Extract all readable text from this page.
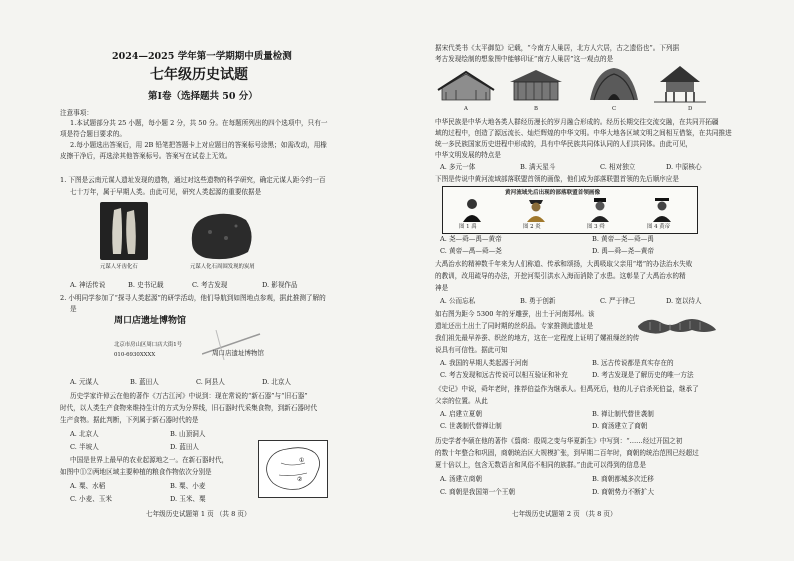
2024—2025 学年第一学期期中质量检测
七年级历史试题
第Ⅰ卷（选择题共 50 分）
注意事项：
1.本试题部分共 25 小题，每小题 2 分，共 50 分。在每题所列出的四个选项中，只有一
项是符合题目要求的。
2.每小题选出答案后，用 2B 铅笔把答题卡上对应题目的答案标号涂黑；如需改动，用橡
皮擦干净后，再选涂其他答案标号。答案写在试卷上无效。
1. 下图是云南元谋人遗址发现的遗物，通过对这些遗物的科学研究，确定元谋人距今约一百
七十万年，属于早期人类。由此可见，研究人类起源的重要依据是
元谋人牙齿化石	元谋人化石周围发现的炭屑
A. 神话传说	B. 史书记载	C. 考古发现	D. 影视作品
2. 小明同学参加了“探寻人类起源”的研学活动，他们导航到如图地点参观，据此推测了解的
是
周口店遗址博物馆
北京市房山区周口店大街1号
010-6930XXXX	周口店遗址博物馆
A. 元谋人	B. 蓝田人	C. 阿县人	D. 北京人
历史学家许倬云在他的著作《万古江河》中说到：现在常说的“新石器”与“旧石器”
时代，以人类生产食物来维持生计的方式为分界线，旧石器时代采集食物，到新石器时代
生产食物。据此判断，下列属于新石器时代的是
A. 北京人	B. 山顶洞人
C. 半坡人	D. 蓝田人
中国是世界上最早的农业起源地之一。在新石器时代，
如图中①②两地区域主要种植的粮食作物依次分别是
A. 粟、水稻	B. 粟、小麦
C. 小麦、玉米	D. 玉米、粟
①
②
七年级历史试题第 1 页 （共 8 页）
据宋代类书《太平御览》记载，“今南方人巢居，北方人穴居，古之遗俗也”。下列据
考古发现绘制的想象图中能够印证“南方人巢居”这一观点的是
A	B	C	D
中华民族是中华大地各类人群经历漫长的岁月融合形成的。经历长期交往交流交融，在共同开拓疆
域的过程中，创造了源远流长、灿烂辉煌的中华文明。中华大地各区域文明之间相互借鉴，在共同推进
统一多民族国家历史进程中形成的，具有中华民族共同体认同的人们共同体。由此可见，
中华文明发展的特点是
A. 多元一体	B. 满天星斗	C. 相对独立	D. 中原核心
下图是传说中黄河流域部落联盟首领的画像，他们成为部落联盟首领的先后顺序应是
黄河流域先后出现的部落联盟首领画像
图 1 禹	图 2 炎	图 3 舜	图 4 黄帝
A. 尧—舜—禹—黄帝	B. 黄帝—尧—舜—禹
C. 黄帝—禹—舜—尧	D. 禹—舜—尧—黄帝
大禹治水的精神数千年来为人们称道、传承和颂扬，大禹吸取父亲用“堵”的办法治水失败
的教训，改用疏导的办法，开挖河渠引洪水入海而消除了水患。这彰显了大禹治水的精
神是
A. 公而忘私	B. 勇于创新	C. 严于律己	D. 宽以待人
如右图为距今 5300 年的牙雕蚕，出土于河南郑州。该
遗址还出土出土了同时期的丝织品。专家推测此遗址是
我们祖先最早养蚕、织丝的地方，这在一定程度上证明了嫘祖缫丝的传
说具有可信性。据此可知
A. 我国的早期人类起源于河南	B. 远古传说都是真实存在的
C. 考古发现和远古传说可以相互验证和补充	D. 考古发现是了解历史的唯一方法
《史记》中说，舜年老时，推荐伯益作为继承人。但禹死后，他的儿子启杀死伯益，继承了
父亲的位置。从此
A. 启建立夏朝	B. 禅让制代替世袭制
C. 世袭制代替禅让制	D. 商汤建立了商朝
历史学者李硕在他的著作《翦商：殷周之变与华夏新生》中写到：“……经过开国之初
的数十年整合和巩固，商朝统治区大规模扩张，到早期二百年时，商朝的统治范围已经超过
夏十倍以上，包含无数语言和风俗不相同的族群。”由此可以得到的信息是
A. 汤建立商朝	B. 商朝都城多次迁移
C. 商朝是我国第一个王朝	D. 商朝势力不断扩大
七年级历史试题第 2 页 （共 8 页）
